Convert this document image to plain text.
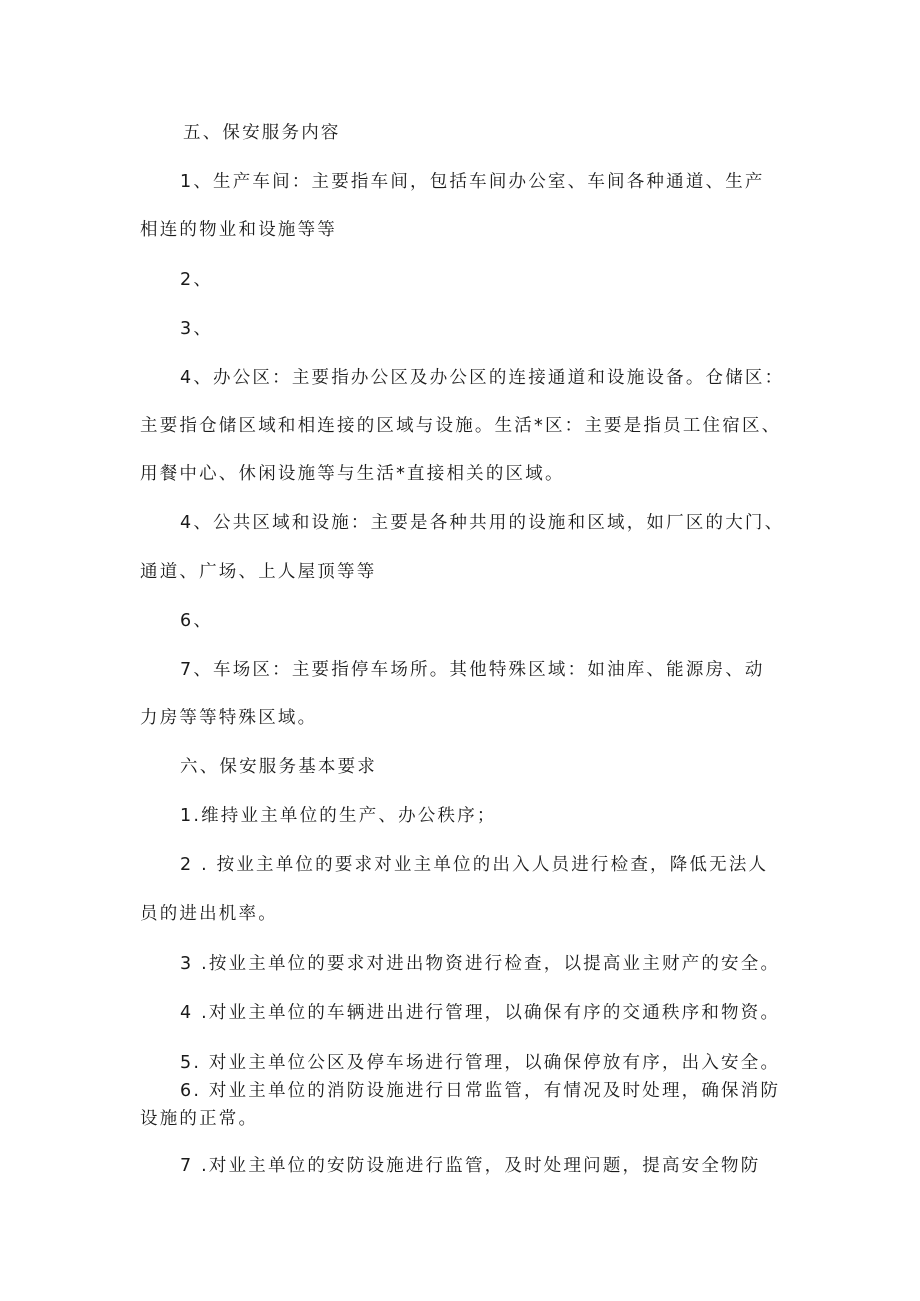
五、保安服务内容
1、生产车间：主要指车间，包括车间办公室、车间各种通道、生产
相连的物业和设施等等
2、
3、
4、办公区：主要指办公区及办公区的连接通道和设施设备。仓储区：
主要指仓储区域和相连接的区域与设施。生活*区：主要是指员工住宿区、
用餐中心、休闲设施等与生活*直接相关的区域。
4、公共区域和设施：主要是各种共用的设施和区域，如厂区的大门、
通道、广场、上人屋顶等等
6、
7、车场区：主要指停车场所。其他特殊区域：如油库、能源房、动
力房等等特殊区域。
六、保安服务基本要求
1.维持业主单位的生产、办公秩序；
2 . 按业主单位的要求对业主单位的出入人员进行检查，降低无法人
员的进出机率。
3 .按业主单位的要求对进出物资进行检查，以提高业主财产的安全。
4 .对业主单位的车辆进出进行管理，以确保有序的交通秩序和物资。
5. 对业主单位公区及停车场进行管理，以确保停放有序，出入安全。
6. 对业主单位的消防设施进行日常监管，有情况及时处理，确保消防
设施的正常。
7 .对业主单位的安防设施进行监管，及时处理问题，提高安全物防
